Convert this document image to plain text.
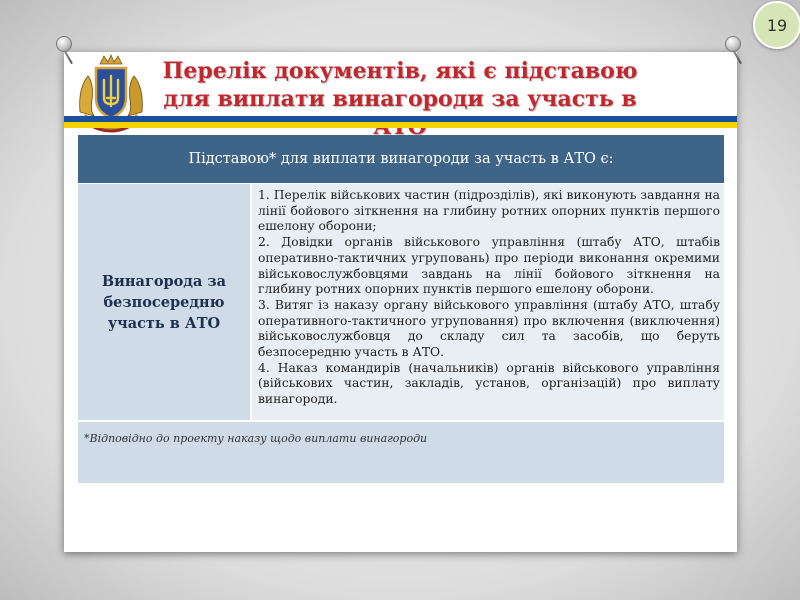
19
Перелік документів, які є підставою
для виплати винагороди за участь в
Підставою* для виплати винагороди за участь в АТО є:
Винагорода за безпосередню участь в АТО

1. Перелік військових частин (підрозділів), які виконують завдання на лінії бойового зіткнення на глибину ротних опорних пунктів першого ешелону оборони;

2. Довідки органів військового управління (штабу АТО, штабів оперативно-тактичних угруповань) про періоди виконання окремими військовослужбовцями завдань на лінії бойового зіткнення на глибину ротних опорних пунктів першого ешелону оборони.

3. Витяг із наказу органу військового управління (штабу АТО, штабу оперативного-тактичного угруповання) про включення (виключення) військовослужбовця до складу сил та засобів, що беруть безпосередню участь в АТО.

4. Наказ командирів (начальників) органів військового управління (військових частин, закладів, установ, організацій) про виплату винагороди.

*Відповідно до проекту наказу щодо виплати винагороди
